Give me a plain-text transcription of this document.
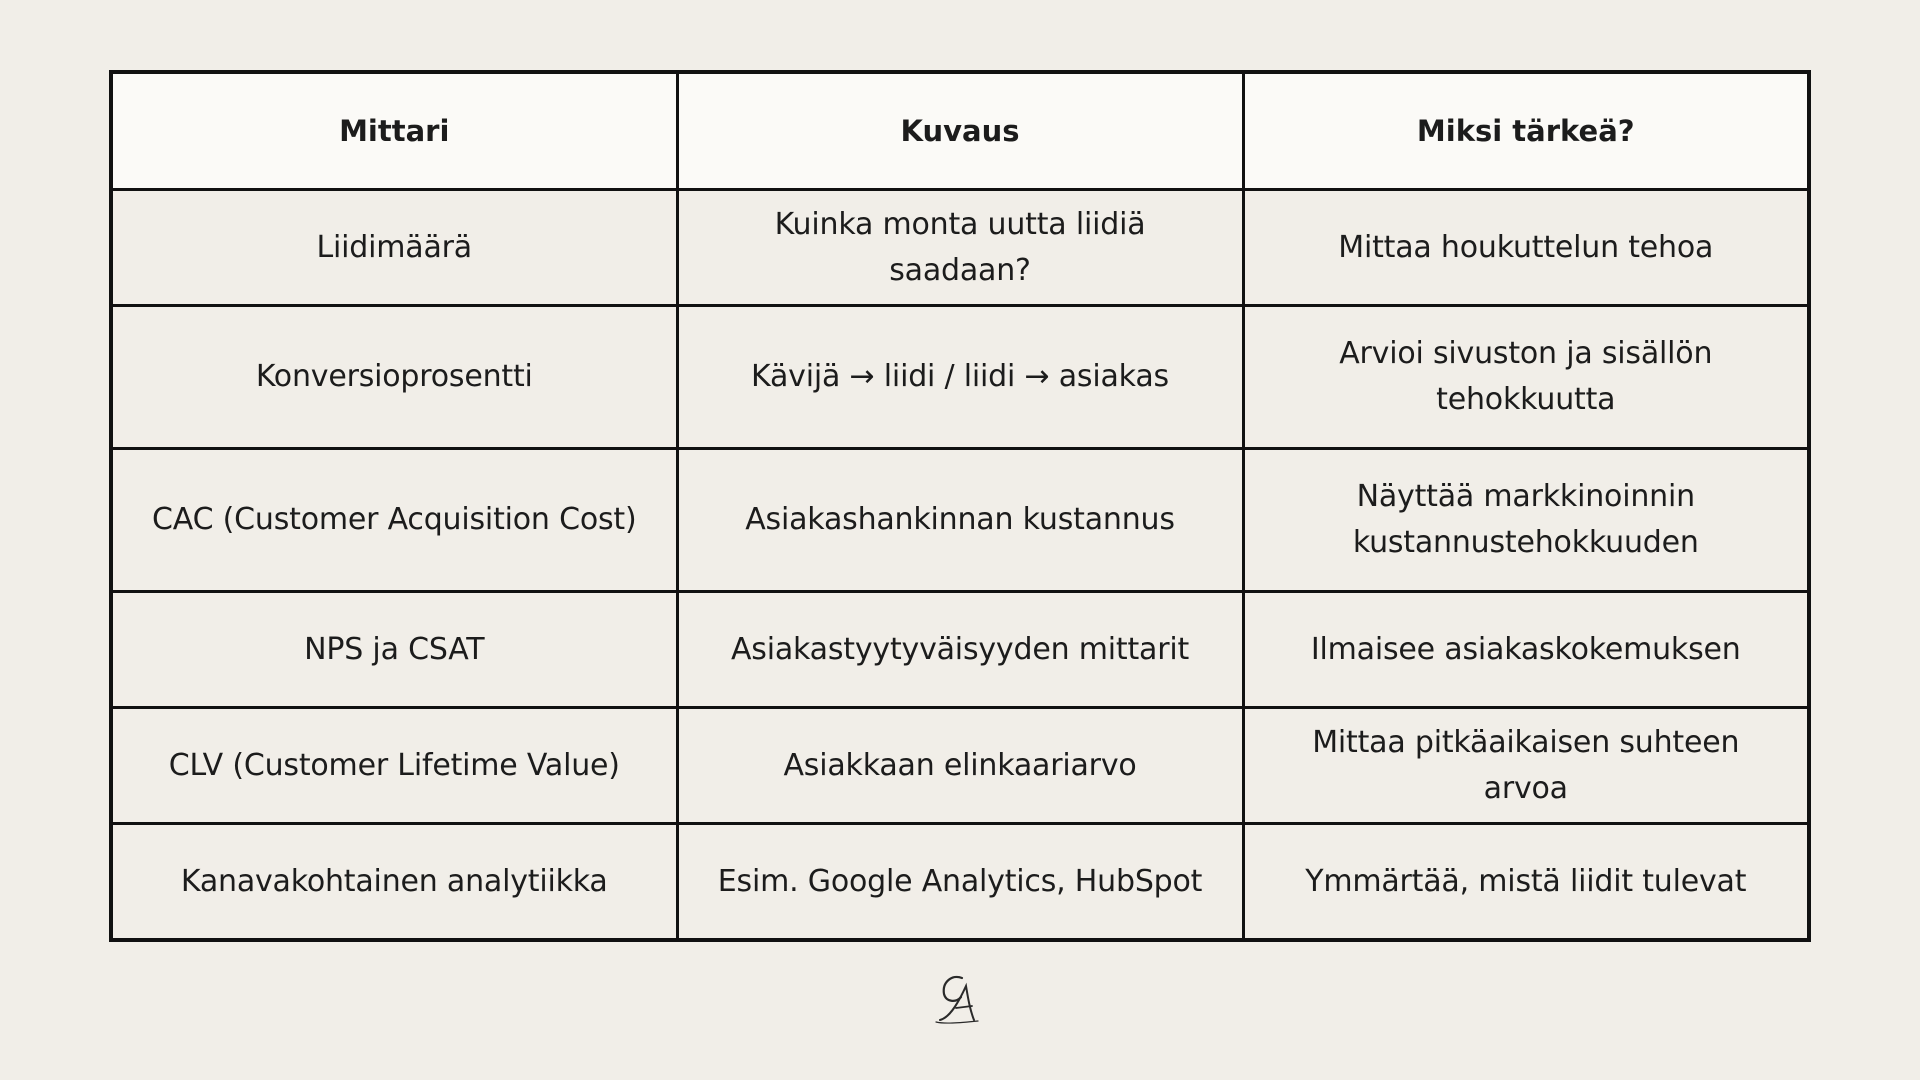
Mittari	Kuvaus	Miksi tärkeä?
Liidimäärä	Kuinka monta uutta liidiä saadaan?	Mittaa houkuttelun tehoa
Konversioprosentti	Kävijä → liidi / liidi → asiakas	Arvioi sivuston ja sisällön tehokkuutta
CAC (Customer Acquisition Cost)	Asiakashankinnan kustannus	Näyttää markkinoinnin kustannustehokkuuden
NPS ja CSAT	Asiakastyytyväisyyden mittarit	Ilmaisee asiakaskokemuksen
CLV (Customer Lifetime Value)	Asiakkaan elinkaariarvo	Mittaa pitkäaikaisen suhteen arvoa
Kanavakohtainen analytiikka	Esim. Google Analytics, HubSpot	Ymmärtää, mistä liidit tulevat
